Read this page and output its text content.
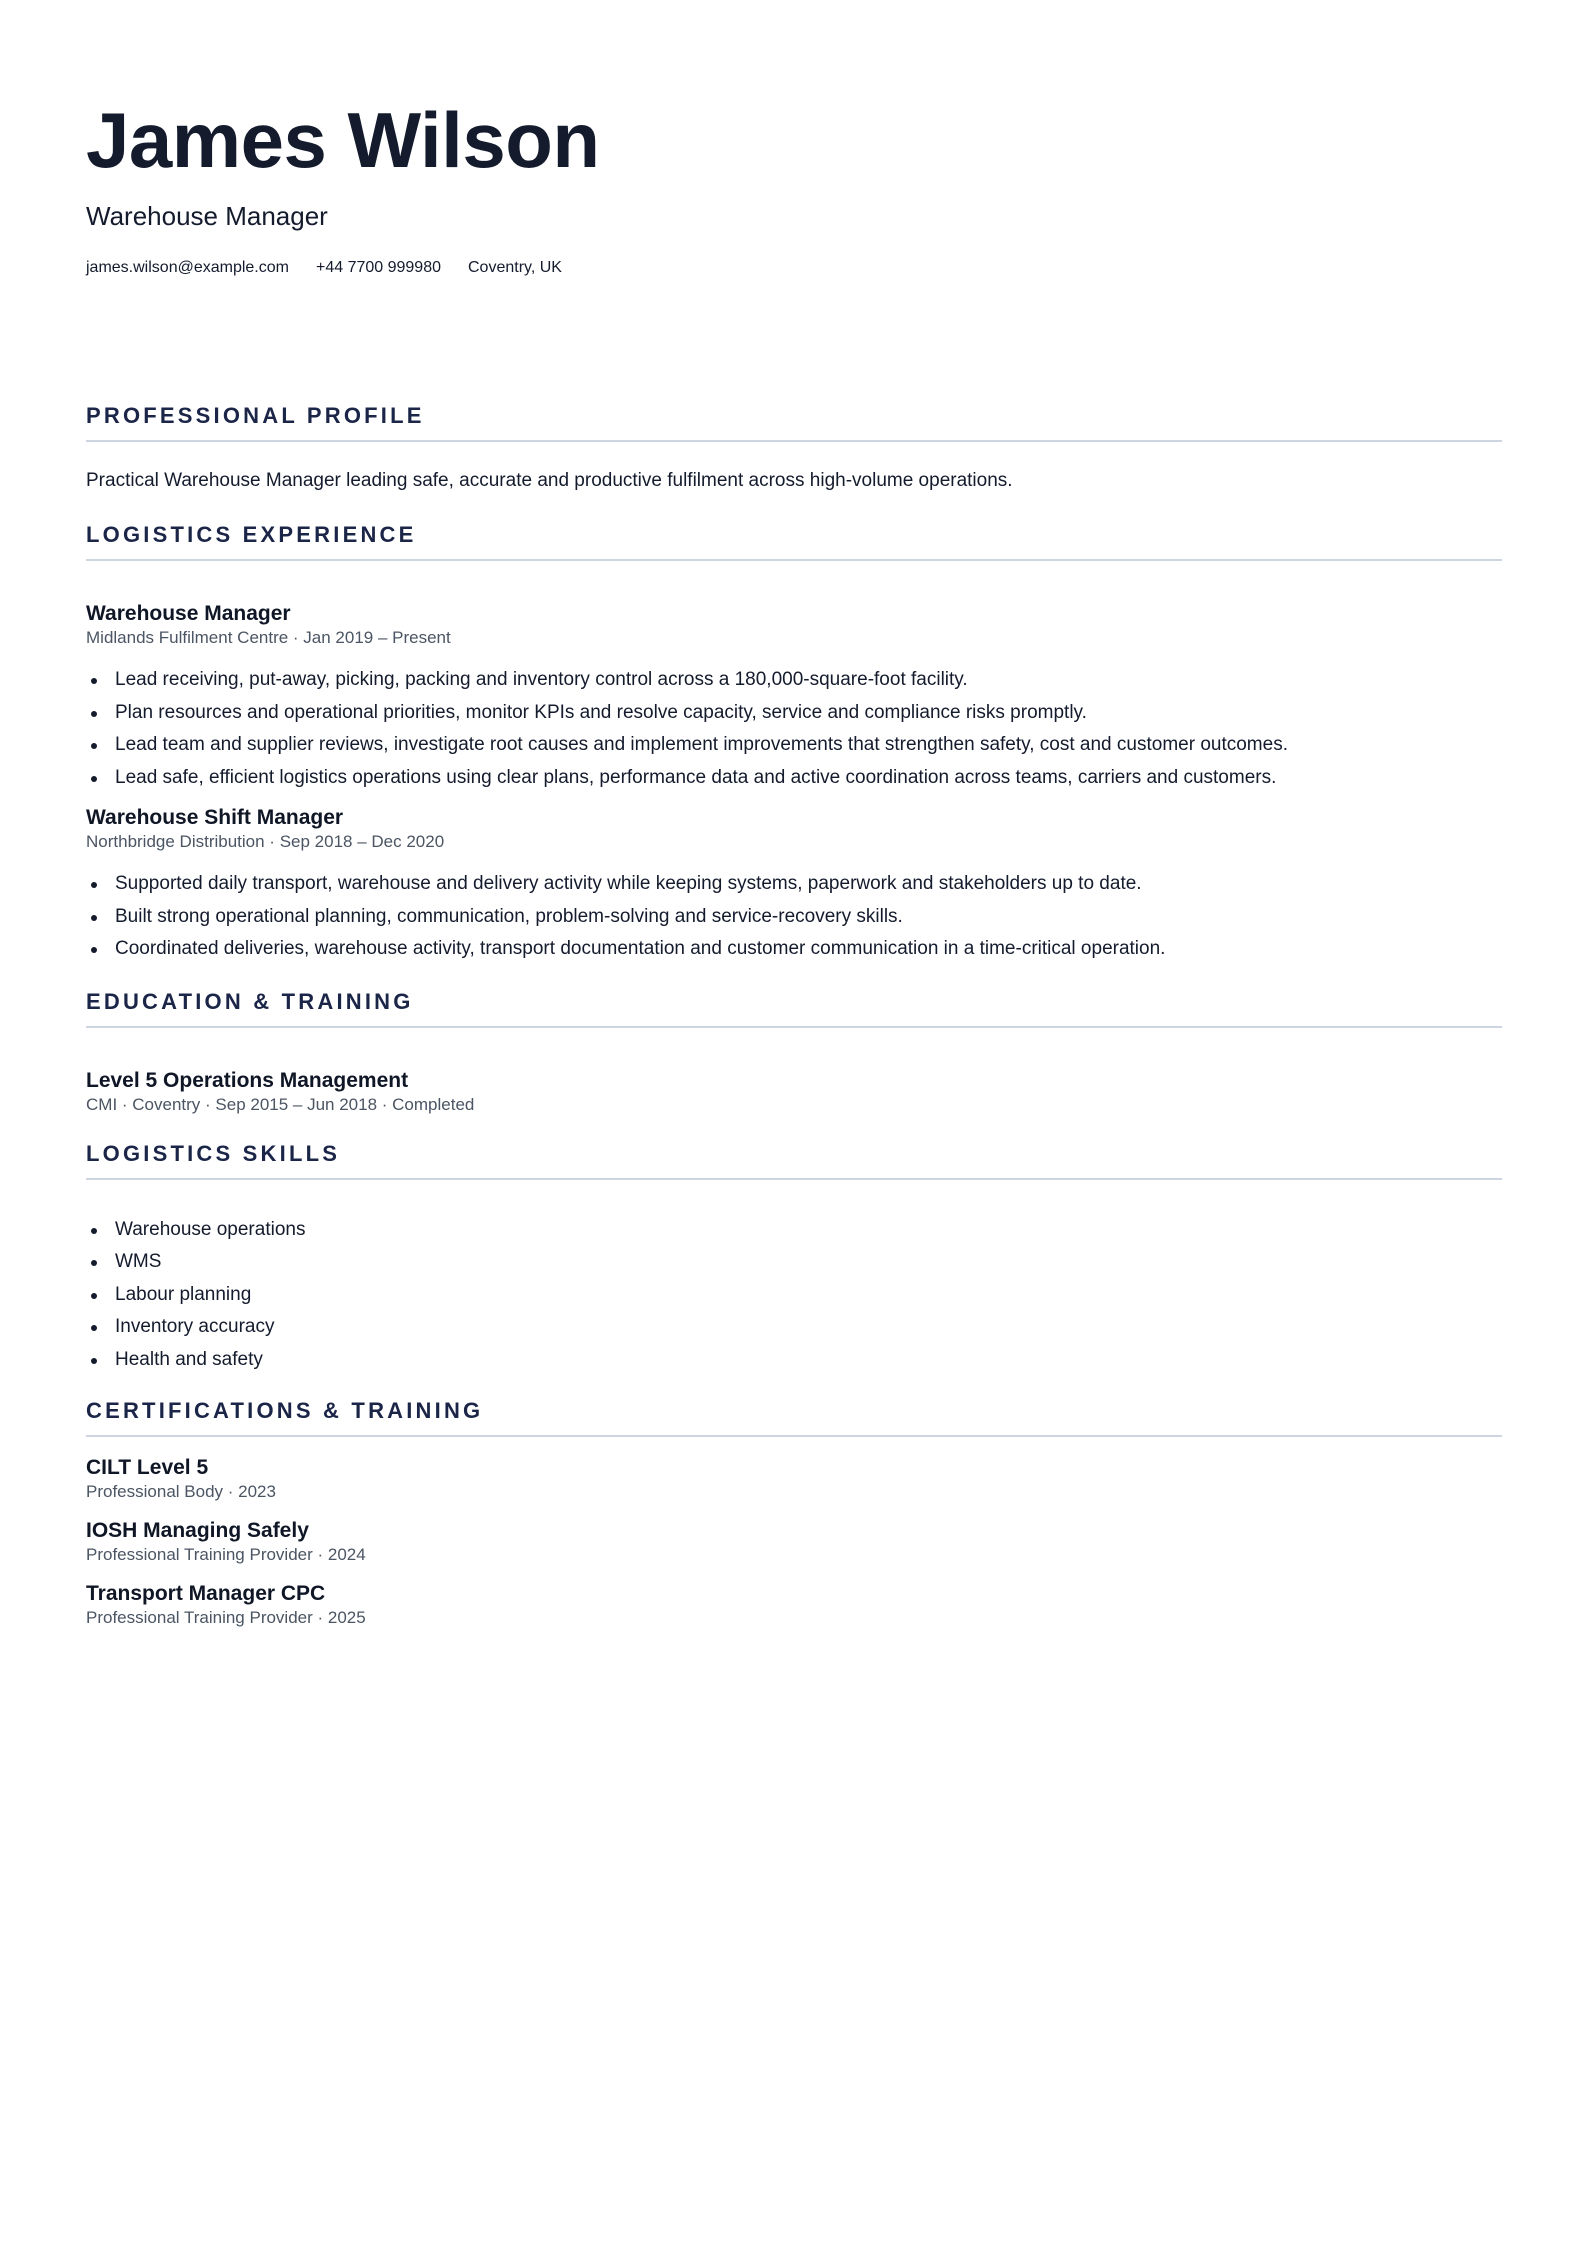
James Wilson
Warehouse Manager
james.wilson@example.com +44 7700 999980 Coventry, UK
PROFESSIONAL PROFILE
Practical Warehouse Manager leading safe, accurate and productive fulfilment across high-volume operations.
LOGISTICS EXPERIENCE
Warehouse Manager
Midlands Fulfilment Centre · Jan 2019 – Present
Lead receiving, put-away, picking, packing and inventory control across a 180,000-square-foot facility.
Plan resources and operational priorities, monitor KPIs and resolve capacity, service and compliance risks promptly.
Lead team and supplier reviews, investigate root causes and implement improvements that strengthen safety, cost and customer outcomes.
Lead safe, efficient logistics operations using clear plans, performance data and active coordination across teams, carriers and customers.
Warehouse Shift Manager
Northbridge Distribution · Sep 2018 – Dec 2020
Supported daily transport, warehouse and delivery activity while keeping systems, paperwork and stakeholders up to date.
Built strong operational planning, communication, problem-solving and service-recovery skills.
Coordinated deliveries, warehouse activity, transport documentation and customer communication in a time-critical operation.
EDUCATION & TRAINING
Level 5 Operations Management
CMI · Coventry · Sep 2015 – Jun 2018 · Completed
LOGISTICS SKILLS
Warehouse operations
WMS
Labour planning
Inventory accuracy
Health and safety
CERTIFICATIONS & TRAINING
CILT Level 5
Professional Body · 2023
IOSH Managing Safely
Professional Training Provider · 2024
Transport Manager CPC
Professional Training Provider · 2025
